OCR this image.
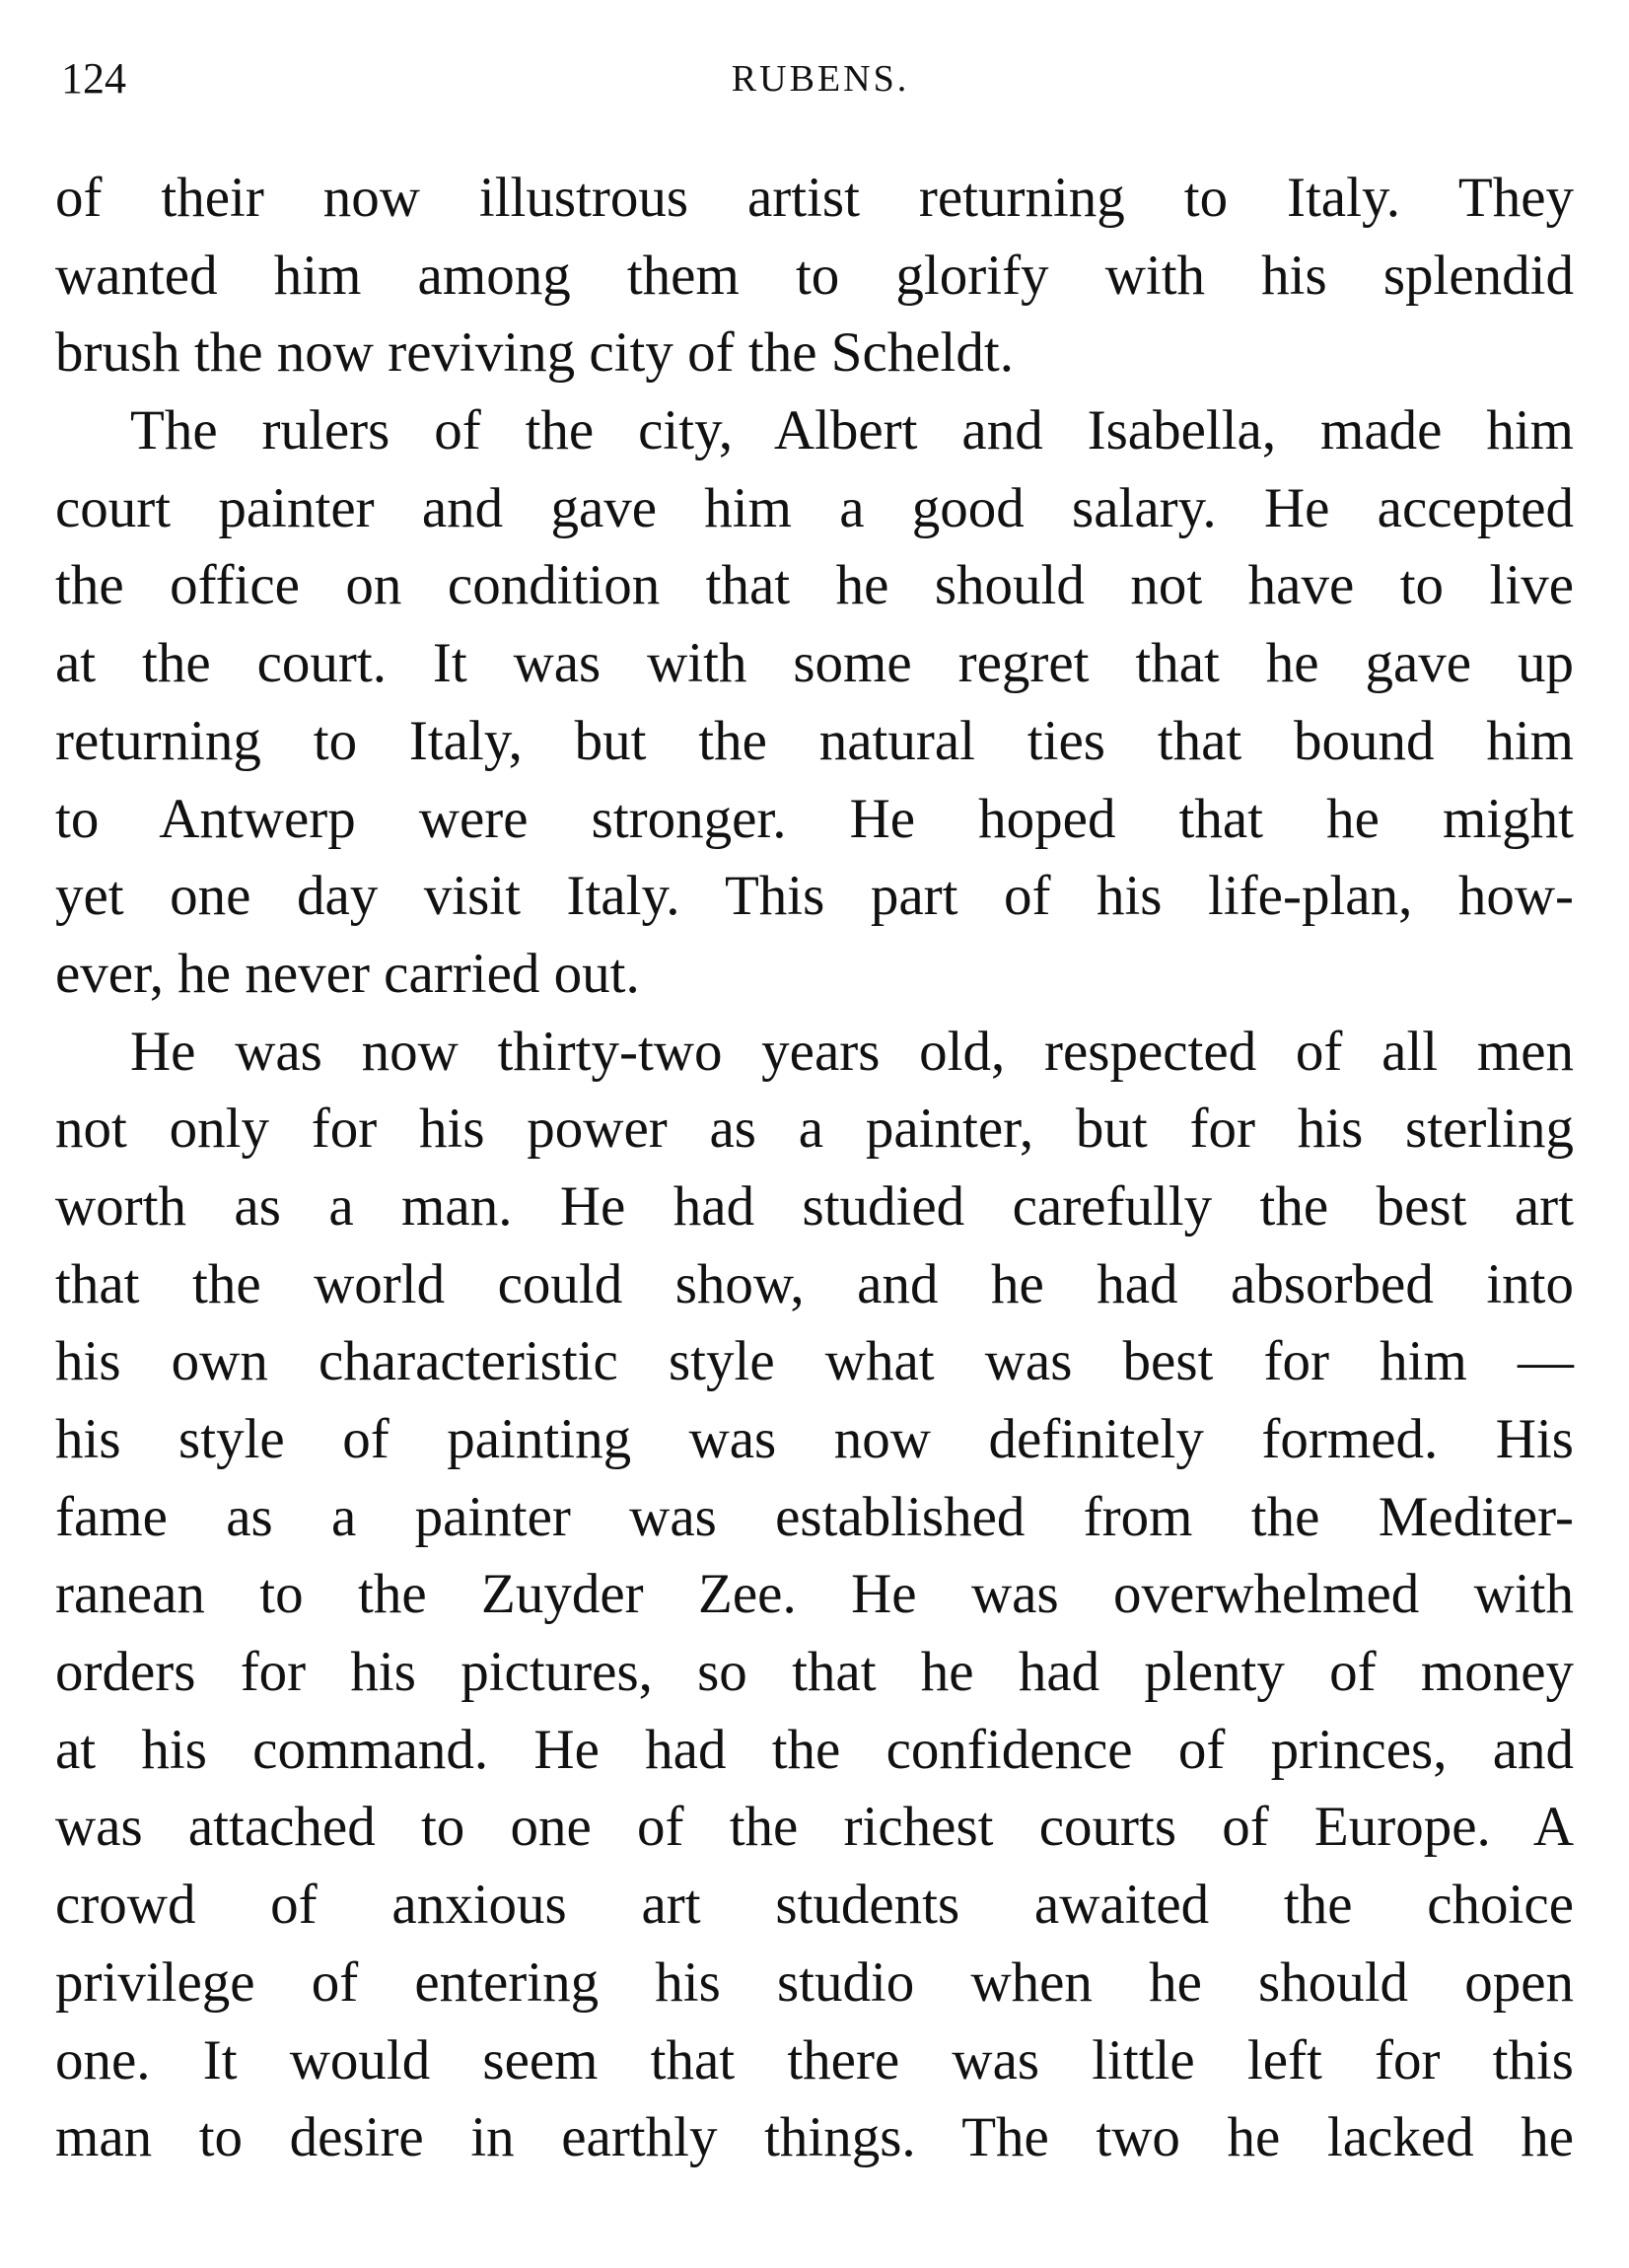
124	RUBENS.

of their now illustrous artist returning to Italy. They
wanted him among them to glorify with his splendid
brush the now reviving city of the Scheldt.

The rulers of the city, Albert and Isabella, made him
court painter and gave him a good salary. He accepted
the office on condition that he should not have to live
at the court. It was with some regret that he gave up
returning to Italy, but the natural ties that bound him
to Antwerp were stronger. He hoped that he might
yet one day visit Italy. This part of his life-plan, how-
ever, he never carried out.

He was now thirty-two years old, respected of all men
not only for his power as a painter, but for his sterling
worth as a man. He had studied carefully the best art
that the world could show, and he had absorbed into
his own characteristic style what was best for him —
his style of painting was now definitely formed. His
fame as a painter was established from the Mediter-
ranean to the Zuyder Zee. He was overwhelmed with
orders for his pictures, so that he had plenty of money
at his command. He had the confidence of princes, and
was attached to one of the richest courts of Europe. A
crowd of anxious art students awaited the choice
privilege of entering his studio when he should open
one. It would seem that there was little left for this
man to desire in earthly things. The two he lacked he
